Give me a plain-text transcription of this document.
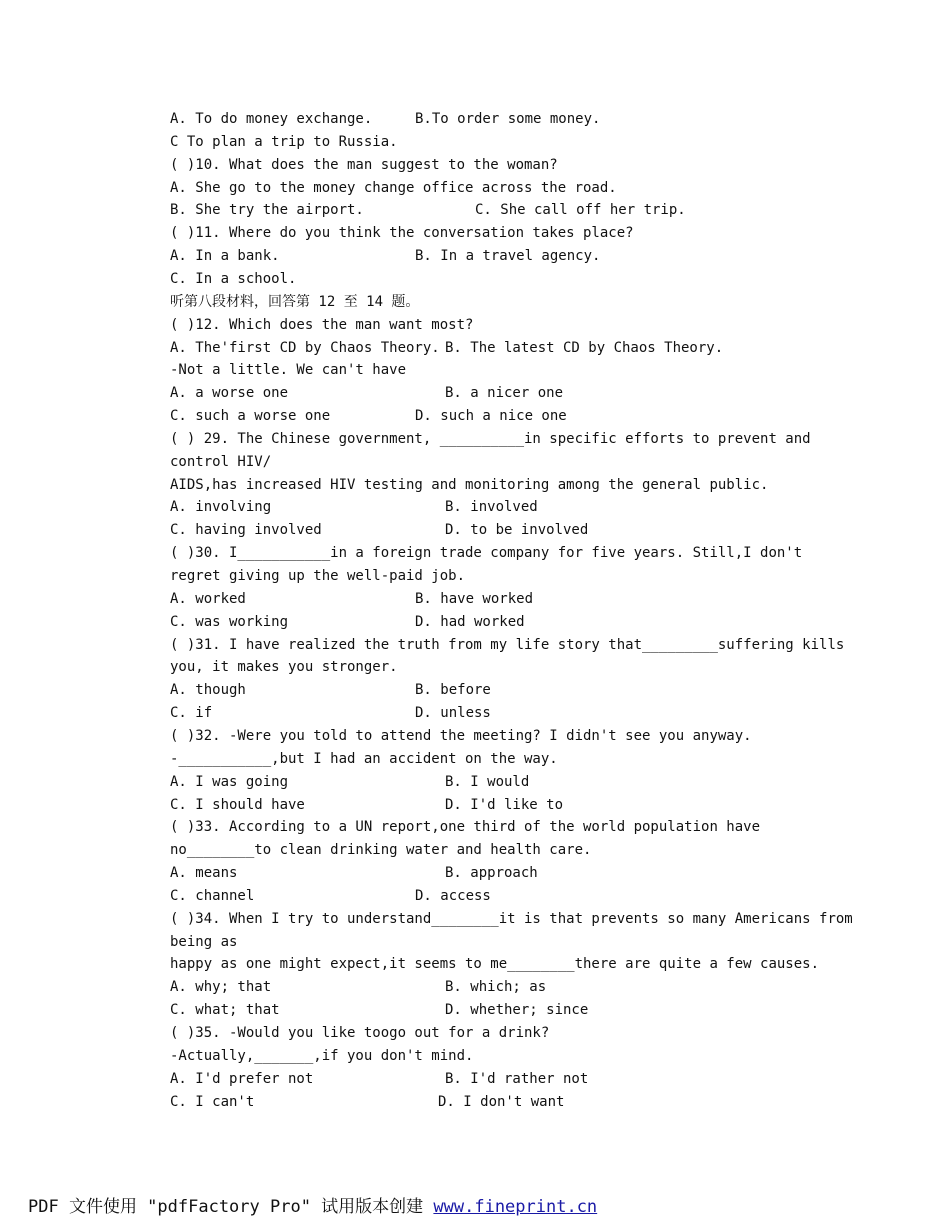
A. To do money exchange.	B.To order some money.
C To plan a trip to Russia.
( )10. What does the man suggest to the woman?
A. She go to the money change office across the road.
B. She try the airport.	C. She call off her trip.
( )11. Where do you think the conversation takes place?
A. In a bank.	B. In a travel agency.
C. In a school.
听第八段材料，回答第 12 至 14 题。
( )12. Which does the man want most?
A. The'first CD by Chaos Theory. B. The latest CD by Chaos Theory.
-Not a little. We can't have
A. a worse one	B. a nicer one
C. such a worse one	D. such a nice one
( ) 29. The Chinese government, __________in specific efforts to prevent and
control HIV/
AIDS,has increased HIV testing and monitoring among the general public.
A. involving	B. involved
C. having involved	D. to be involved
( )30. I___________in a foreign trade company for five years. Still,I don't
regret giving up the well-paid job.
A. worked	B. have worked
C. was working	D. had worked
( )31. I have realized the truth from my life story that_________suffering kills
you, it makes you stronger.
A. though	B. before
C. if	D. unless
( )32. -Were you told to attend the meeting? I didn't see you anyway.
-___________,but I had an accident on the way.
A. I was going	B. I would
C. I should have	D. I'd like to
( )33. According to a UN report,one third of the world population have
no________to clean drinking water and health care.
A. means	B. approach
C. channel	D. access
( )34. When I try to understand________it is that prevents so many Americans from
being as
happy as one might expect,it seems to me________there are quite a few causes.
A. why; that	B. which; as
C. what; that	D. whether; since
( )35. -Would you like toogo out for a drink?
-Actually,_______,if you don't mind.
A. I'd prefer not	B. I'd rather not
C. I can't	D. I don't want
PDF 文件使用 "pdfFactory Pro" 试用版本创建 www.fineprint.cn
